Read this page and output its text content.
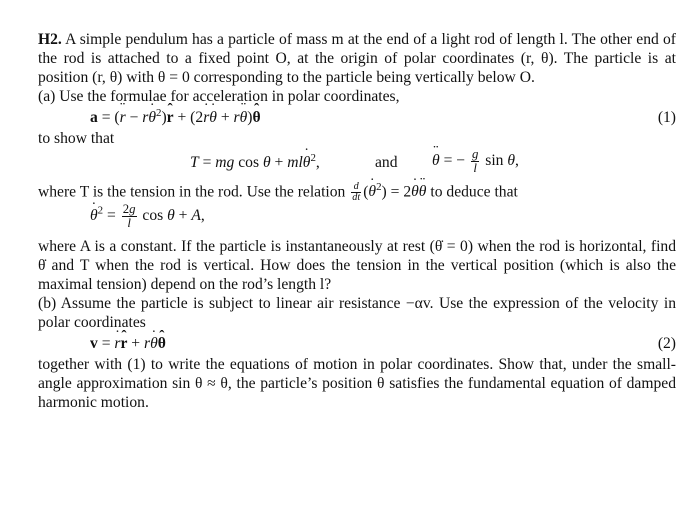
H2. A simple pendulum has a particle of mass m at the end of a light rod of length l. The other end of the rod is attached to a fixed point O, at the origin of polar coordinates (r, θ). The particle is at position (r, θ) with θ = 0 corresponding to the particle being vertically below O.

(a) Use the formulae for acceleration in polar coordinates,

a = (¨ r − r˙ $\theta^2)ˆ$ r + (2˙ r˙ θ + r¨ θ)ˆ θ	(1)

to show that

T = mg cos θ + ml˙ $\theta^2$,	and
¨ θ = − $\frac{g}{l}$ sin θ,

where T is the tension in the rod. Use the relation $\frac{d}{dt}$ (˙ $\theta^2$) = 2˙ θ¨ θ to deduce that

˙ $\theta^2 = \frac{2g}{l}$ cos θ + A,

where A is a constant. If the particle is instantaneously at rest (θ̇ = 0) when the rod is horizontal, find θ̇ and T when the rod is vertical. How does the tension in the vertical position (which is also the maximal tension) depend on the rod’s length l?

(b) Assume the particle is subject to linear air resistance −αv. Use the expression of the velocity in polar coordinates

v = ˙ rˆ r + r˙ θˆ θ	(2)

together with (1) to write the equations of motion in polar coordinates. Show that, under the small-angle approximation sin θ ≈ θ, the particle’s position θ satisfies the fundamental equation of damped harmonic motion.
